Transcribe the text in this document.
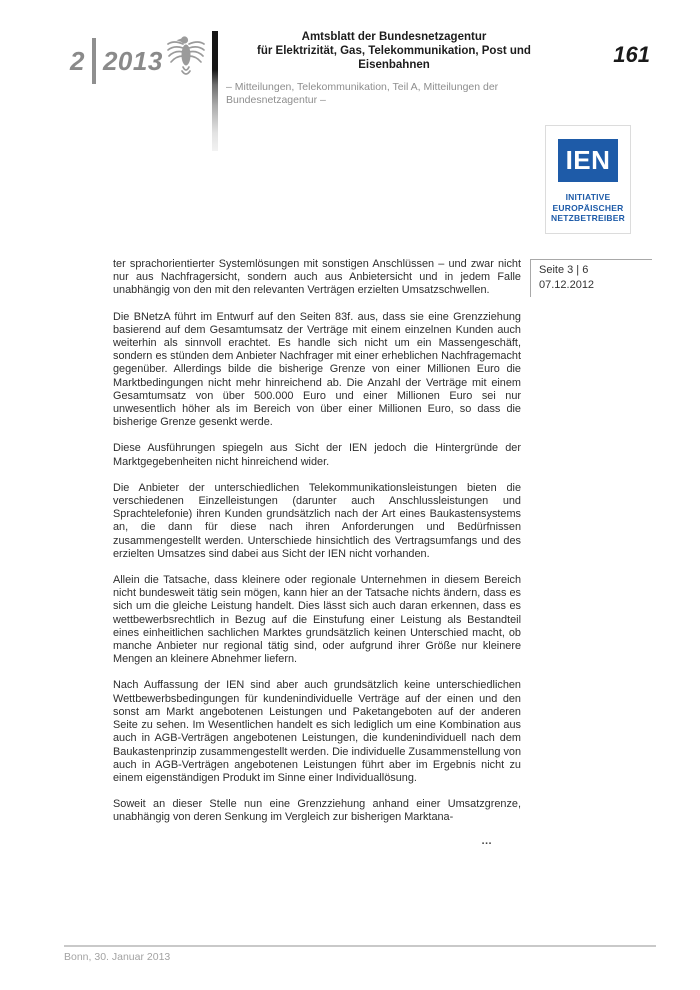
2 2013
Amtsblatt der Bundesnetzagentur
für Elektrizität, Gas, Telekommunikation, Post und Eisenbahnen
– Mitteilungen, Telekommunikation, Teil A, Mitteilungen der Bundesnetzagentur –
161
IEN
INITIATIVE
EUROPÄISCHER
NETZBETREIBER
Seite 3 | 6
07.12.2012

ter sprachorientierter Systemlösungen mit sonstigen Anschlüssen – und zwar nicht nur aus Nachfragersicht, sondern auch aus Anbietersicht und in jedem Falle unabhängig von den mit den relevanten Verträgen erzielten Umsatzschwellen.

Die BNetzA führt im Entwurf auf den Seiten 83f. aus, dass sie eine Grenzziehung basierend auf dem Gesamtumsatz der Verträge mit einem einzelnen Kunden auch weiterhin als sinnvoll erachtet. Es handle sich nicht um ein Massengeschäft, sondern es stünden dem Anbieter Nachfrager mit einer erheblichen Nachfragemacht gegenüber. Allerdings bilde die bisherige Grenze von einer Millionen Euro die Marktbedingungen nicht mehr hinreichend ab. Die Anzahl der Verträge mit einem Gesamtumsatz von über 500.000 Euro und einer Millionen Euro sei nur unwesentlich höher als im Bereich von über einer Millionen Euro, so dass die bisherige Grenze gesenkt werde.

Diese Ausführungen spiegeln aus Sicht der IEN jedoch die Hintergründe der Marktgegebenheiten nicht hinreichend wider.

Die Anbieter der unterschiedlichen Telekommunikationsleistungen bieten die verschiedenen Einzelleistungen (darunter auch Anschlussleistungen und Sprachtelefonie) ihren Kunden grundsätzlich nach der Art eines Baukastensystems an, die dann für diese nach ihren Anforderungen und Bedürfnissen zusammengestellt werden. Unterschiede hinsichtlich des Vertragsumfangs und des erzielten Umsatzes sind dabei aus Sicht der IEN nicht vorhanden.

Allein die Tatsache, dass kleinere oder regionale Unternehmen in diesem Bereich nicht bundesweit tätig sein mögen, kann hier an der Tatsache nichts ändern, dass es sich um die gleiche Leistung handelt. Dies lässt sich auch daran erkennen, dass es wettbewerbsrechtlich in Bezug auf die Einstufung einer Leistung als Bestandteil eines einheitlichen sachlichen Marktes grundsätzlich keinen Unterschied macht, ob manche Anbieter nur regional tätig sind, oder aufgrund ihrer Größe nur kleinere Mengen an kleinere Abnehmer liefern.

Nach Auffassung der IEN sind aber auch grundsätzlich keine unterschiedlichen Wettbewerbsbedingungen für kundenindividuelle Verträge auf der einen und den sonst am Markt angebotenen Leistungen und Paketangeboten auf der anderen Seite zu sehen. Im Wesentlichen handelt es sich lediglich um eine Kombination aus auch in AGB-Verträgen angebotenen Leistungen, die kundenindividuell nach dem Baukastenprinzip zusammengestellt werden. Die individuelle Zusammenstellung von auch in AGB-Verträgen angebotenen Leistungen führt aber im Ergebnis nicht zu einem eigenständigen Produkt im Sinne einer Individuallösung.

Soweit an dieser Stelle nun eine Grenzziehung anhand einer Umsatzgrenze, unabhängig von deren Senkung im Vergleich zur bisherigen Marktana-

…

Bonn, 30. Januar 2013
